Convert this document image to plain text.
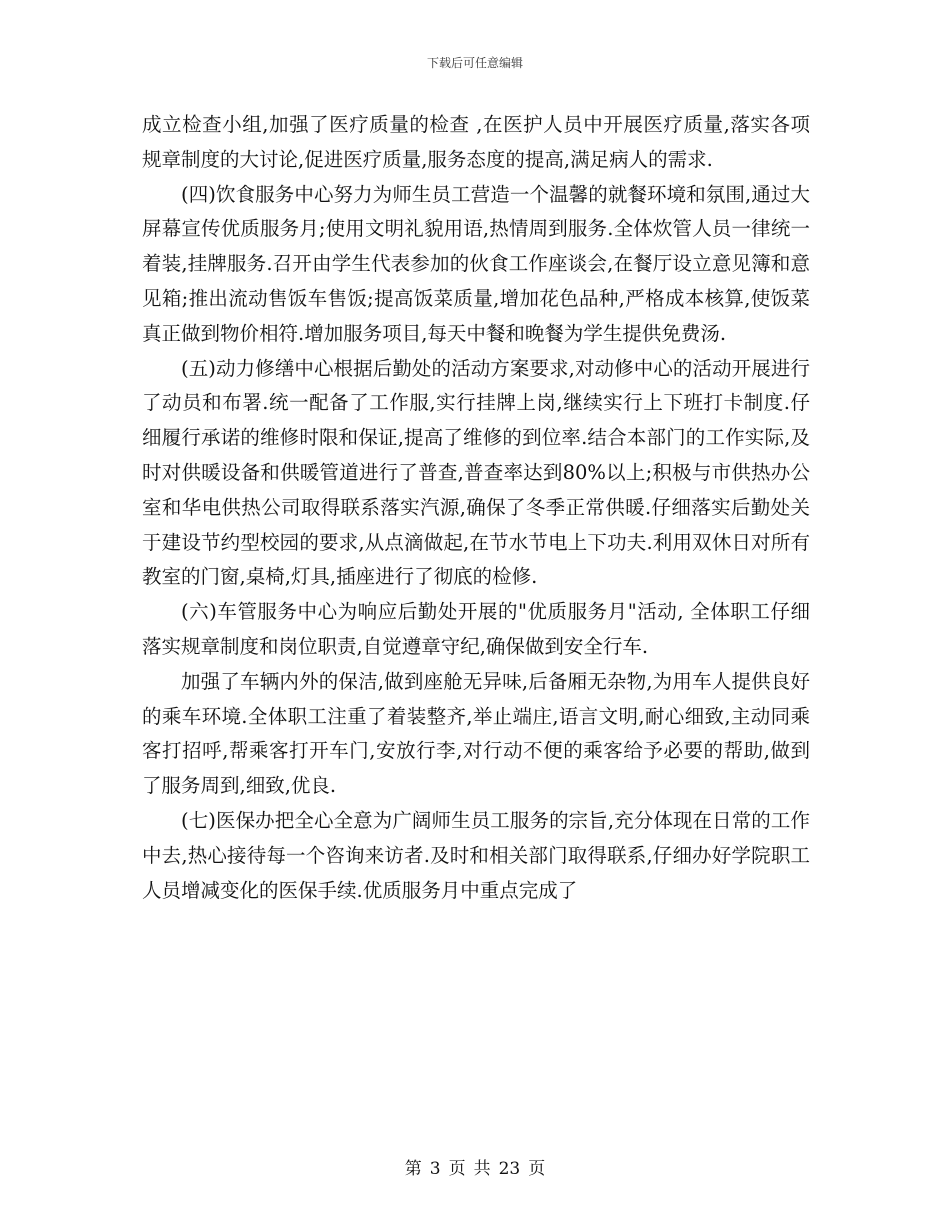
下载后可任意编辑

成立检查小组,加强了医疗质量的检查 ,在医护人员中开展医疗质量,落实各项规章制度的大讨论,促进医疗质量,服务态度的提高,满足病人的需求.

(四)饮食服务中心努力为师生员工营造一个温馨的就餐环境和氛围,通过大屏幕宣传优质服务月;使用文明礼貌用语,热情周到服务.全体炊管人员一律统一着装,挂牌服务.召开由学生代表参加的伙食工作座谈会,在餐厅设立意见簿和意见箱;推出流动售饭车售饭;提高饭菜质量,增加花色品种,严格成本核算,使饭菜真正做到物价相符.增加服务项目,每天中餐和晚餐为学生提供免费汤.

(五)动力修缮中心根据后勤处的活动方案要求,对动修中心的活动开展进行了动员和布署.统一配备了工作服,实行挂牌上岗,继续实行上下班打卡制度.仔细履行承诺的维修时限和保证,提高了维修的到位率.结合本部门的工作实际,及时对供暖设备和供暖管道进行了普查,普查率达到80%以上;积极与市供热办公室和华电供热公司取得联系落实汽源,确保了冬季正常供暖.仔细落实后勤处关于建设节约型校园的要求,从点滴做起,在节水节电上下功夫.利用双休日对所有教室的门窗,桌椅,灯具,插座进行了彻底的检修.

(六)车管服务中心为响应后勤处开展的"优质服务月"活动, 全体职工仔细落实规章制度和岗位职责,自觉遵章守纪,确保做到安全行车.

加强了车辆内外的保洁,做到座舱无异味,后备厢无杂物,为用车人提供良好的乘车环境.全体职工注重了着装整齐,举止端庄,语言文明,耐心细致,主动同乘客打招呼,帮乘客打开车门,安放行李,对行动不便的乘客给予必要的帮助,做到了服务周到,细致,优良.

(七)医保办把全心全意为广阔师生员工服务的宗旨,充分体现在日常的工作中去,热心接待每一个咨询来访者.及时和相关部门取得联系,仔细办好学院职工人员增减变化的医保手续.优质服务月中重点完成了

第 3 页 共 23 页
